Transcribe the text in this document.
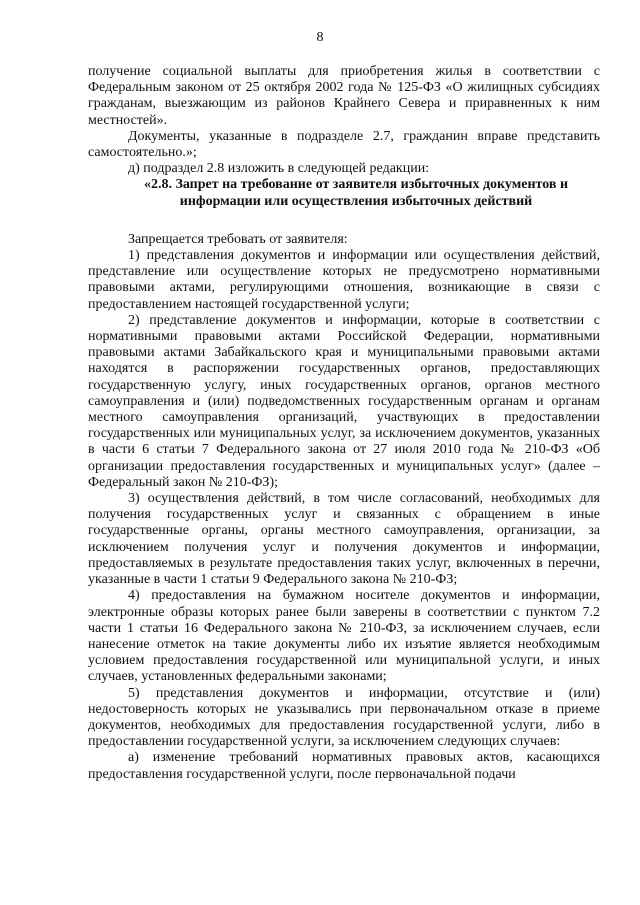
8

получение социальной выплаты для приобретения жилья в соответствии с Федеральным законом от 25 октября 2002 года № 125-ФЗ «О жилищных субсидиях гражданам, выезжающим из районов Крайнего Севера и приравненных к ним местностей».

Документы, указанные в подразделе 2.7, гражданин вправе представить самостоятельно.»;

д) подраздел 2.8 изложить в следующей редакции:

«2.8. Запрет на требование от заявителя избыточных документов и информации или осуществления избыточных действий

Запрещается требовать от заявителя:

1) представления документов и информации или осуществления действий, представление или осуществление которых не предусмотрено нормативными правовыми актами, регулирующими отношения, возникающие в связи с предоставлением настоящей государственной услуги;

2) представление документов и информации, которые в соответствии с нормативными правовыми актами Российской Федерации, нормативными правовыми актами Забайкальского края и муниципальными правовыми актами находятся в распоряжении государственных органов, предоставляющих государственную услугу, иных государственных органов, органов местного самоуправления и (или) подведомственных государственным органам и органам местного самоуправления организаций, участвующих в предоставлении государственных или муниципальных услуг, за исключением документов, указанных в части 6 статьи 7 Федерального закона от 27 июля 2010 года № 210-ФЗ «Об организации предоставления государственных и муниципальных услуг» (далее – Федеральный закон № 210-ФЗ);

3) осуществления действий, в том числе согласований, необходимых для получения государственных услуг и связанных с обращением в иные государственные органы, органы местного самоуправления, организации, за исключением получения услуг и получения документов и информации, предоставляемых в результате предоставления таких услуг, включенных в перечни, указанные в части 1 статьи 9 Федерального закона № 210-ФЗ;

4) предоставления на бумажном носителе документов и информации, электронные образы которых ранее были заверены в соответствии с пунктом 7.2 части 1 статьи 16 Федерального закона № 210-ФЗ, за исключением случаев, если нанесение отметок на такие документы либо их изъятие является необходимым условием предоставления государственной или муниципальной услуги, и иных случаев, установленных федеральными законами;

5) представления документов и информации, отсутствие и (или) недостоверность которых не указывались при первоначальном отказе в приеме документов, необходимых для предоставления государственной услуги, либо в предоставлении государственной услуги, за исключением следующих случаев:

а) изменение требований нормативных правовых актов, касающихся предоставления государственной услуги, после первоначальной подачи
